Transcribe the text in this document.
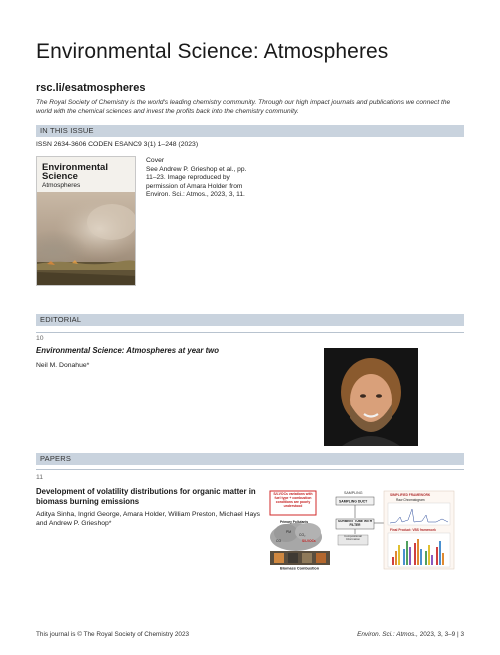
Environmental Science: Atmospheres
rsc.li/esatmospheres
The Royal Society of Chemistry is the world's leading chemistry community. Through our high impact journals and publications we connect the world with the chemical sciences and invest the profits back into the chemistry community.
IN THIS ISSUE
ISSN 2634-3606 CODEN ESANC9 3(1) 1–248 (2023)
Environmental
Science
Atmospheres
Cover
See Andrew P. Grieshop et al., pp. 11–23. Image reproduced by permission of Amara Holder from Environ. Sci.: Atmos., 2023, 3, 11.
EDITORIAL
10
Environmental Science: Atmospheres at year two
Neil M. Donahue*
PAPERS
11
Development of volatility distributions for organic matter in biomass burning emissions
Aditya Sinha, Ingrid George, Amara Holder, William Preston, Michael Hays and Andrew P. Grieshop*
S/I-VOCs variations with fuel type + combustion conditions are poorly understood
SAMPLING
SAMPLING DUCT
SORBENT TUBE WITH FILTER
Compositional Information
Primary Pollutants
PM
CO₂
CO	S/I-VOCs
Biomass Combustion
SIMPLIFIED FRAMEWORK
Raw Chromatogram
Final Product: VBS framework
This journal is © The Royal Society of Chemistry 2023	Environ. Sci.: Atmos., 2023, 3, 3–9 | 3
